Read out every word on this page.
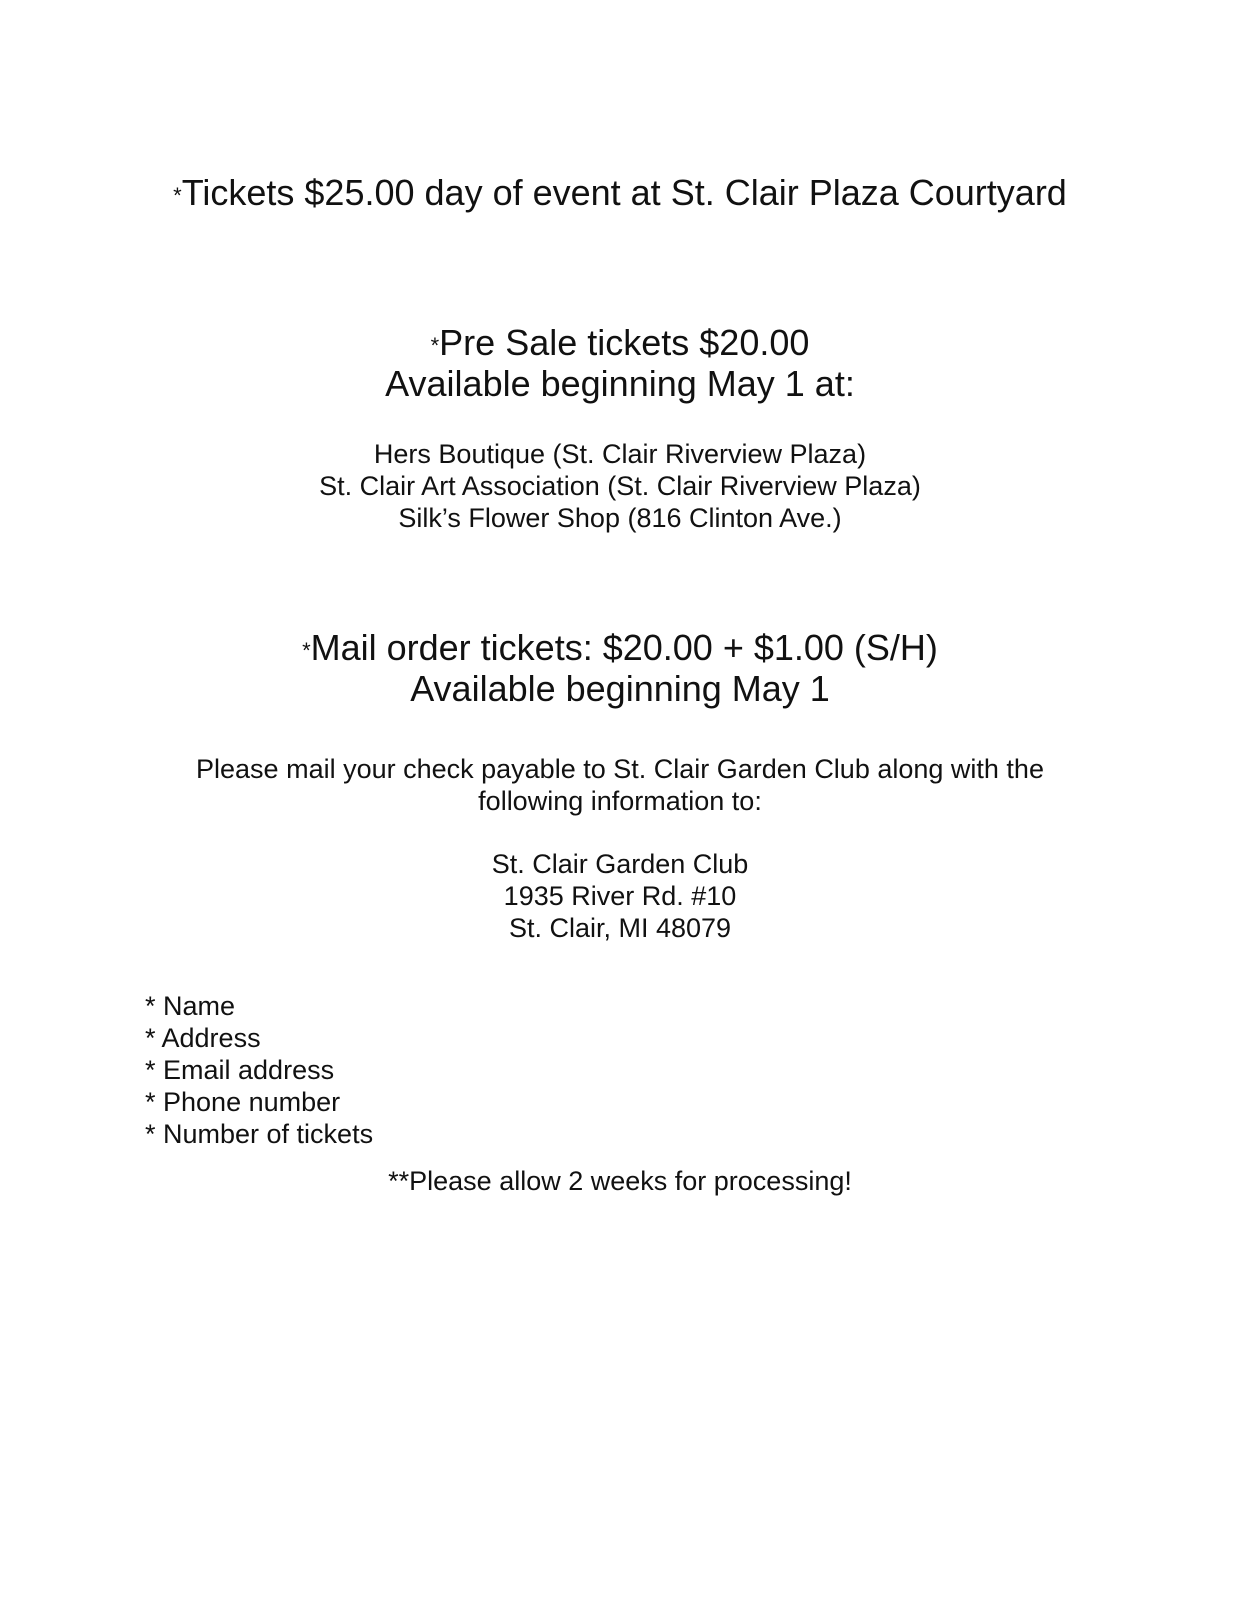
*Tickets $25.00 day of event at St. Clair Plaza Courtyard
*Pre Sale tickets $20.00
Available beginning May 1 at:
Hers Boutique (St. Clair Riverview Plaza)
St. Clair Art Association (St. Clair Riverview Plaza)
Silk’s Flower Shop (816 Clinton Ave.)
*Mail order tickets: $20.00 + $1.00 (S/H)
Available beginning May 1
Please mail your check payable to St. Clair Garden Club along with the
following information to:
St. Clair Garden Club
1935 River Rd. #10
St. Clair, MI 48079
* Name
* Address
* Email address
* Phone number
* Number of tickets
**Please allow 2 weeks for processing!
